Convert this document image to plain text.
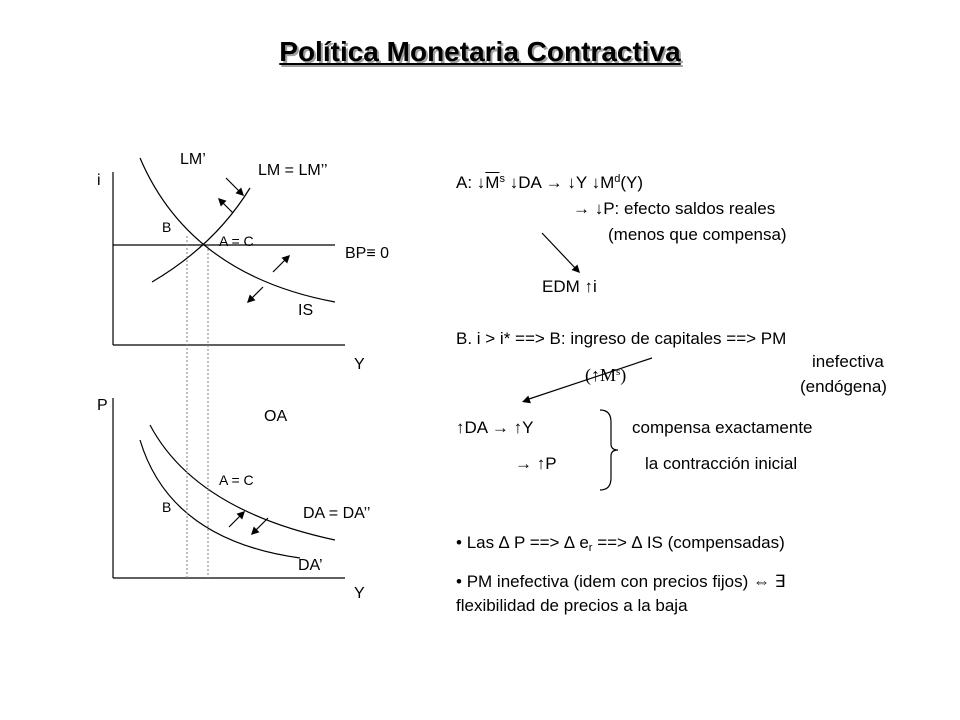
Política Monetaria Contractiva
i
LM’
LM = LM’’
B
A = C
BP≡ 0
IS
Y
P
OA
A = C
B	DA = DA’’
DA’
Y
A: $↓\overline{M}^s$ ↓DA → ↓Y $↓M^d(Y)$
→ ↓P: efecto saldos reales
(menos que compensa)
EDM ↑i
B. i > i* ==> B: ingreso de capitales ==> PM
inefectiva
(endógena)
$(↑M^s)$
↑DA → ↑Y	compensa exactamente
→ ↑P	la contracción inicial
• Las ∆ P ==> ∆ $e_r$ ==> ∆ IS (compensadas)
• PM inefectiva (idem con precios fijos) ⇔ ∃
flexibilidad de precios a la baja
